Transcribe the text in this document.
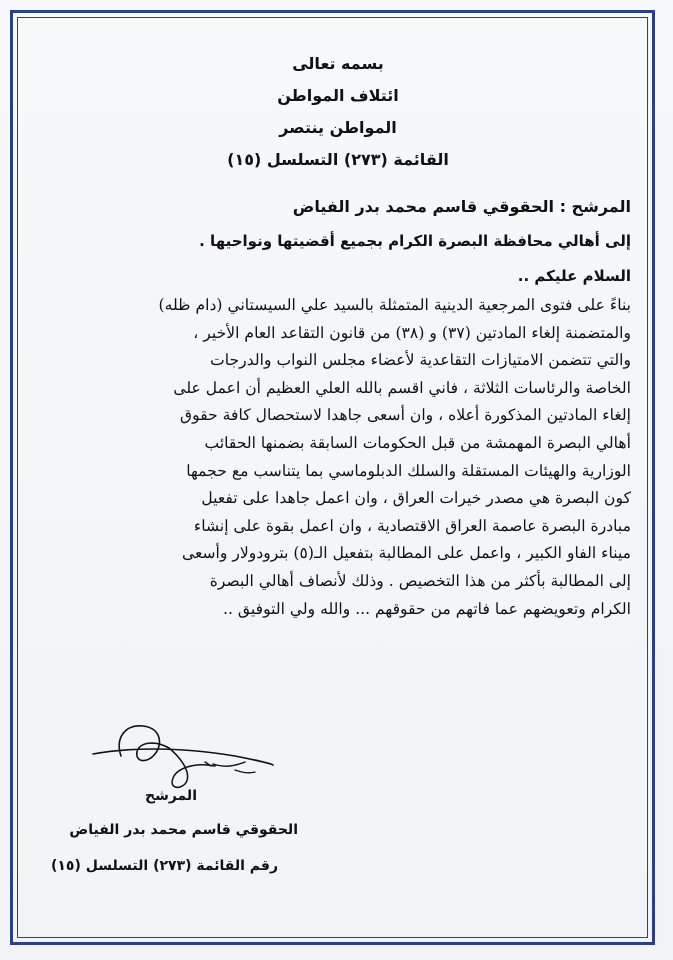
بسمه تعالى
ائتلاف المواطن
المواطن ينتصر
القائمة (٢٧٣) التسلسل (١٥)
المرشح : الحقوقي قاسم محمد بدر الفياض
إلى أهالي محافظة البصرة الكرام بجميع أقضيتها ونواحيها .
السلام عليكم ..
بناءً على فتوى المرجعية الدينية المتمثلة بالسيد علي السيستاني (دام ظله)
والمتضمنة إلغاء المادتين (٣٧) و (٣٨) من قانون التقاعد العام الأخير ،
والتي تتضمن الامتيازات التقاعدية لأعضاء مجلس النواب والدرجات
الخاصة والرئاسات الثلاثة ، فاني اقسم بالله العلي العظيم أن اعمل على
إلغاء المادتين المذكورة أعلاه ، وان أسعى جاهدا لاستحصال كافة حقوق
أهالي البصرة المهمشة من قبل الحكومات السابقة بضمنها الحقائب
الوزارية والهيئات المستقلة والسلك الدبلوماسي بما يتناسب مع حجمها
كون البصرة هي مصدر خيرات العراق ، وان اعمل جاهدا على تفعيل
مبادرة البصرة عاصمة العراق الاقتصادية ، وان اعمل بقوة على إنشاء
ميناء الفاو الكبير ، واعمل على المطالبة بتفعيل الـ(٥) بترودولار وأسعى
إلى المطالبة بأكثر من هذا التخصيص . وذلك لأنصاف أهالي البصرة
الكرام وتعويضهم عما فاتهم من حقوقهم ... والله ولي التوفيق ..
المرشح
الحقوقي قاسم محمد بدر الفياض
رقم القائمة (٢٧٣) التسلسل (١٥)
